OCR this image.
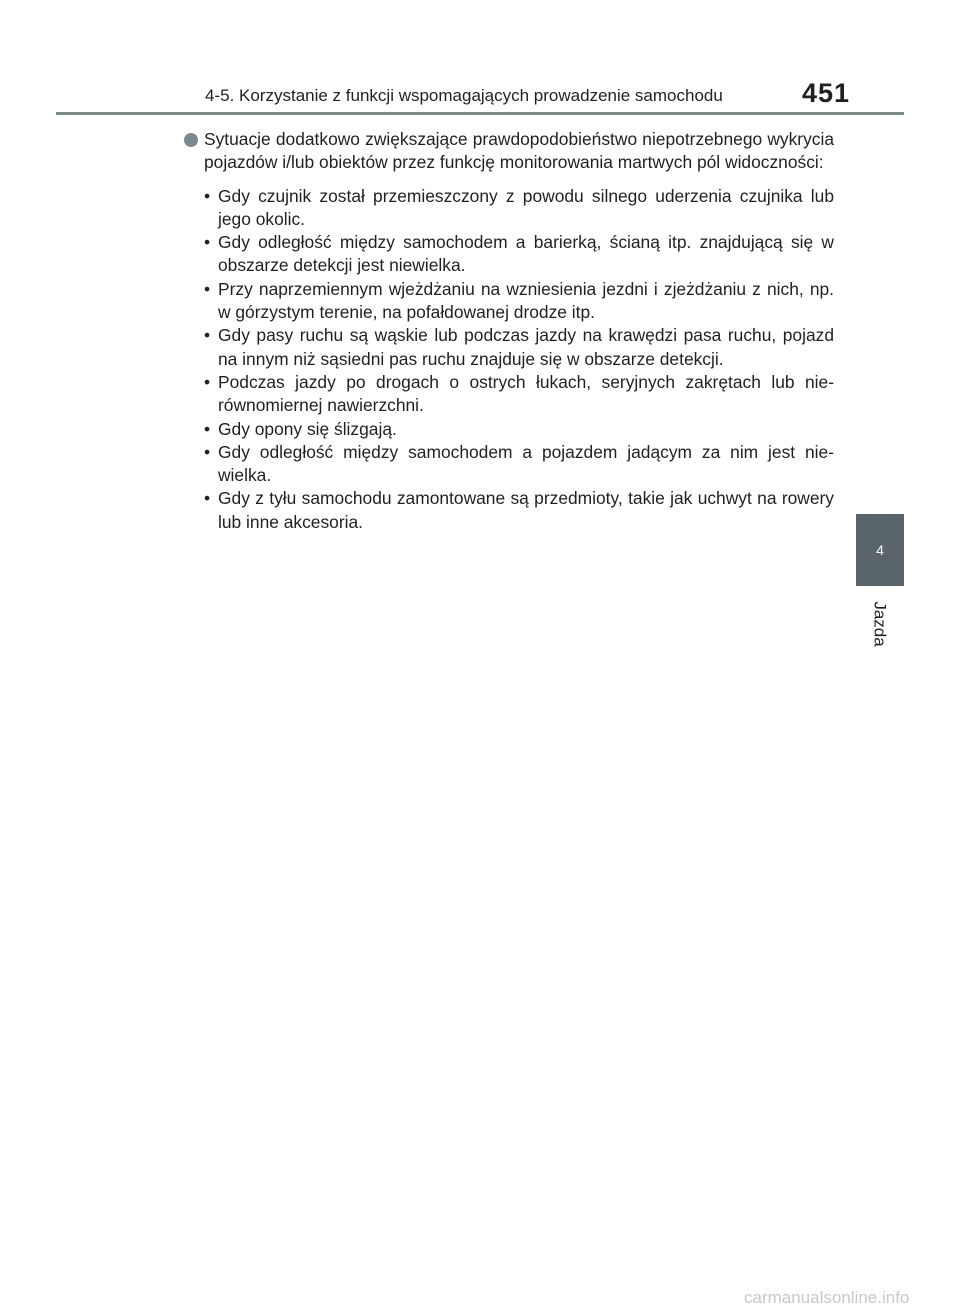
4-5. Korzystanie z funkcji wspomagających prowadzenie samochodu	451
Sytuacje dodatkowo zwiększające prawdopodobieństwo niepotrzebnego wykrycia pojazdów i/lub obiektów przez funkcję monitorowania martwych pól widoczności:
• Gdy czujnik został przemieszczony z powodu silnego uderzenia czujnika lub jego okolic.
• Gdy odległość między samochodem a barierką, ścianą itp. znajdującą się w obszarze detekcji jest niewielka.
• Przy naprzemiennym wjeżdżaniu na wzniesienia jezdni i zjeżdżaniu z nich, np. w górzystym terenie, na pofałdowanej drodze itp.
• Gdy pasy ruchu są wąskie lub podczas jazdy na krawędzi pasa ruchu, pojazd na innym niż sąsiedni pas ruchu znajduje się w obszarze detekcji.
• Podczas jazdy po drogach o ostrych łukach, seryjnych zakrętach lub nie-równomiernej nawierzchni.
• Gdy opony się ślizgają.
• Gdy odległość między samochodem a pojazdem jadącym za nim jest nie-wielka.
• Gdy z tyłu samochodu zamontowane są przedmioty, takie jak uchwyt na rowery lub inne akcesoria.
4
Jazda
carmanualsonline.info
